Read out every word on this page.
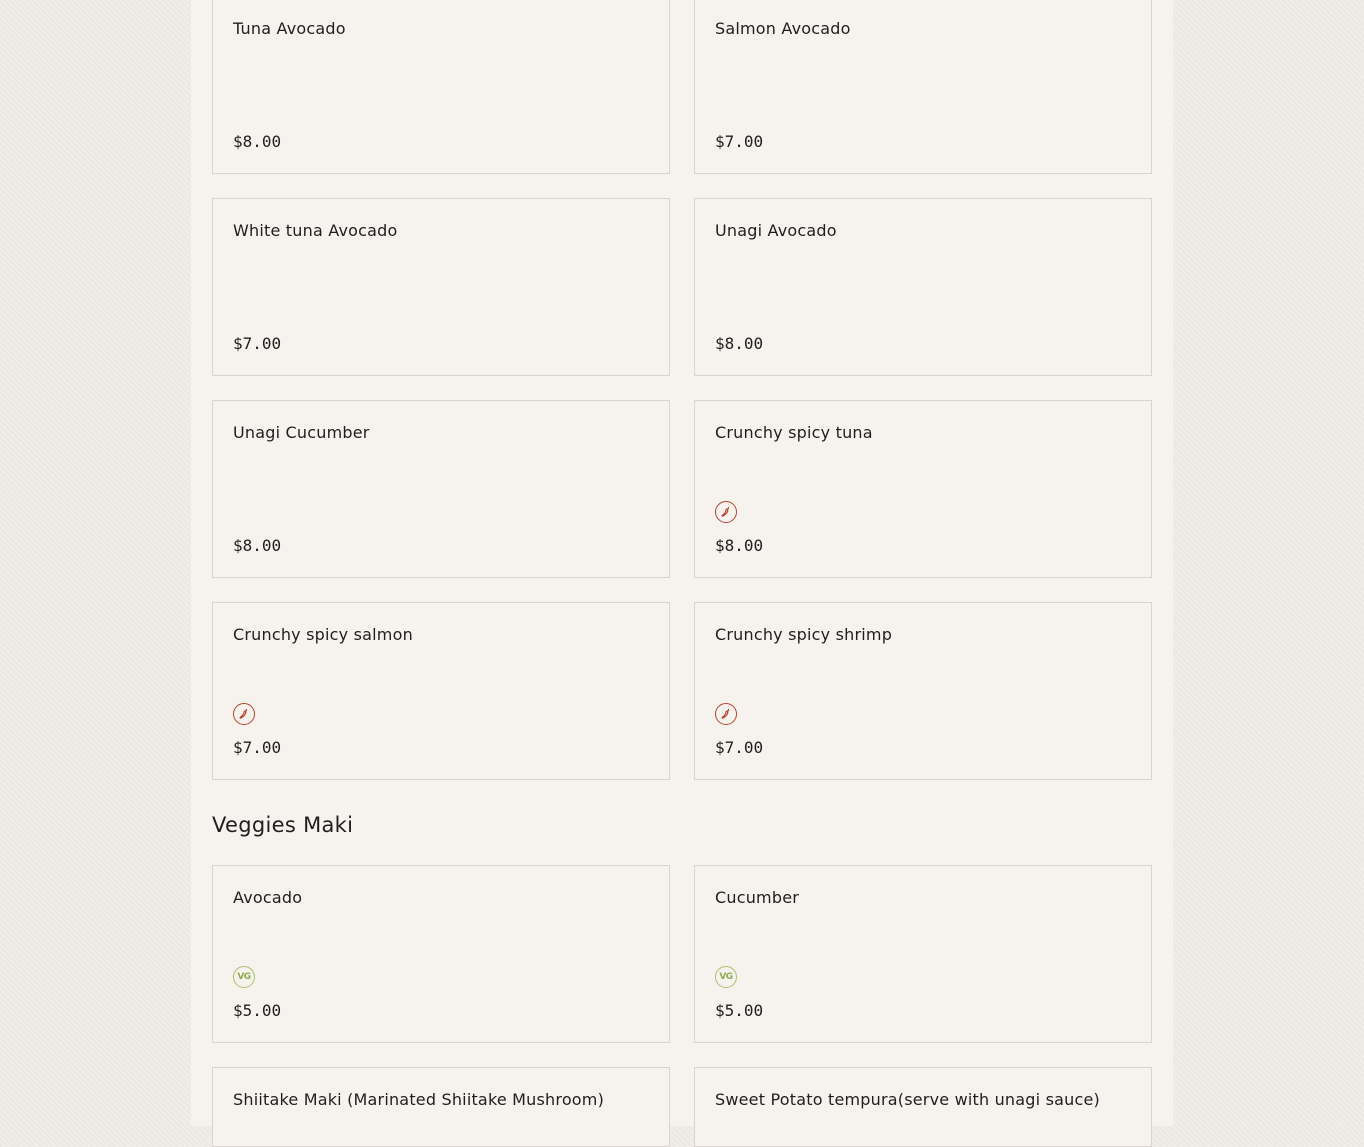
Tuna Avocado
$8.00
Salmon Avocado
$7.00
White tuna Avocado
$7.00
Unagi Avocado
$8.00
Unagi Cucumber
$8.00
Crunchy spicy tuna
$8.00
Crunchy spicy salmon
$7.00
Crunchy spicy shrimp
$7.00
Veggies Maki
Avocado
VG
$5.00
Cucumber
VG
$5.00
Shiitake Maki (Marinated Shiitake Mushroom)	Sweet Potato tempura(serve with unagi sauce)
